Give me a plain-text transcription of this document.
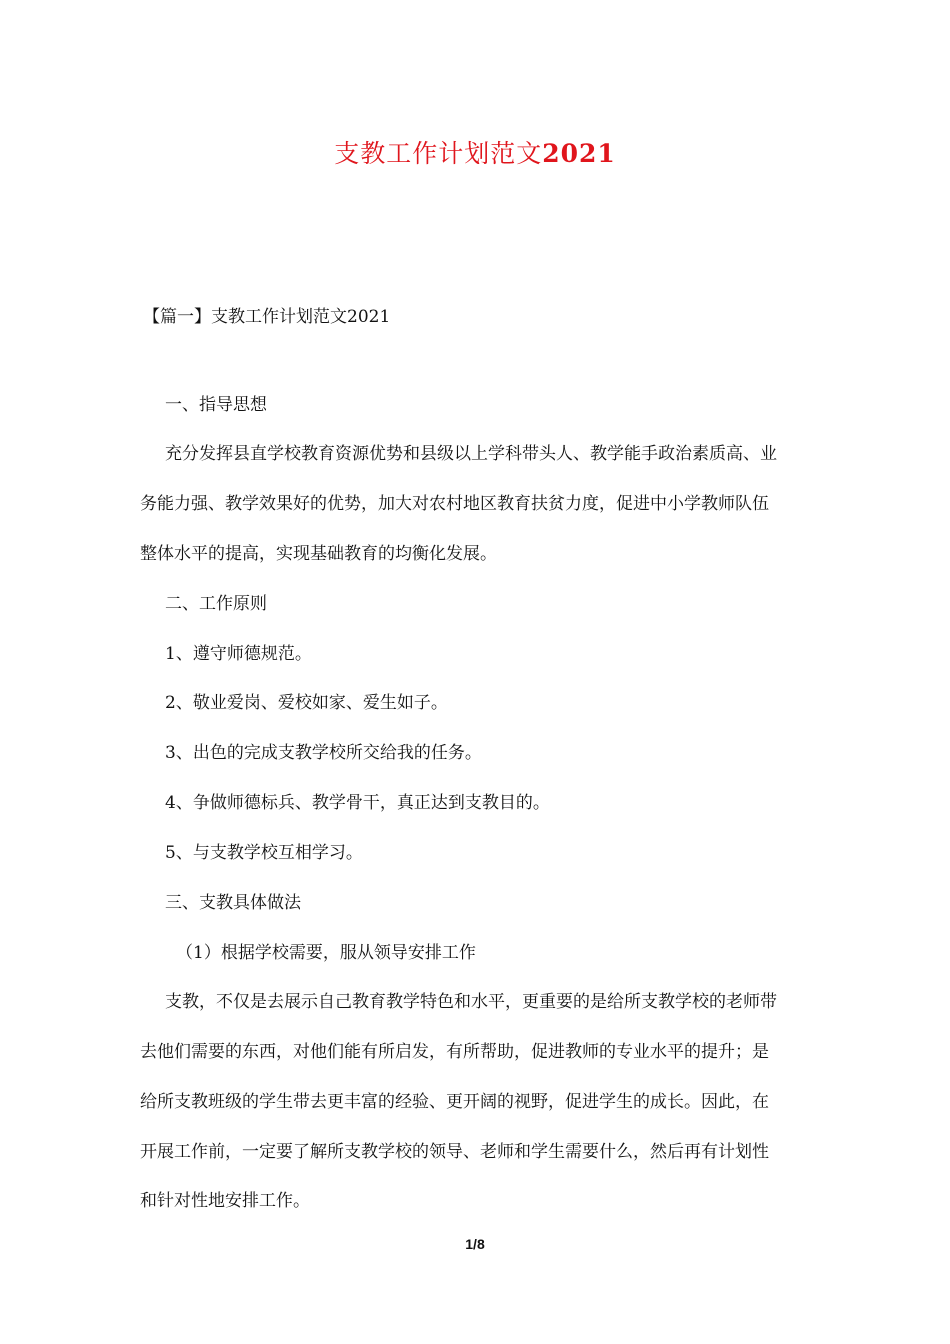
支教工作计划范文2021
【篇一】支教工作计划范文2021
一、指导思想
充分发挥县直学校教育资源优势和县级以上学科带头人、教学能手政治素质高、业
务能力强、教学效果好的优势，加大对农村地区教育扶贫力度，促进中小学教师队伍
整体水平的提高，实现基础教育的均衡化发展。
二、工作原则
1、遵守师德规范。
2、敬业爱岗、爱校如家、爱生如子。
3、出色的完成支教学校所交给我的任务。
4、争做师德标兵、教学骨干，真正达到支教目的。
5、与支教学校互相学习。
三、支教具体做法
（1）根据学校需要，服从领导安排工作
支教，不仅是去展示自己教育教学特色和水平，更重要的是给所支教学校的老师带
去他们需要的东西，对他们能有所启发，有所帮助，促进教师的专业水平的提升；是
给所支教班级的学生带去更丰富的经验、更开阔的视野，促进学生的成长。因此，在
开展工作前，一定要了解所支教学校的领导、老师和学生需要什么，然后再有计划性
和针对性地安排工作。
1/8
